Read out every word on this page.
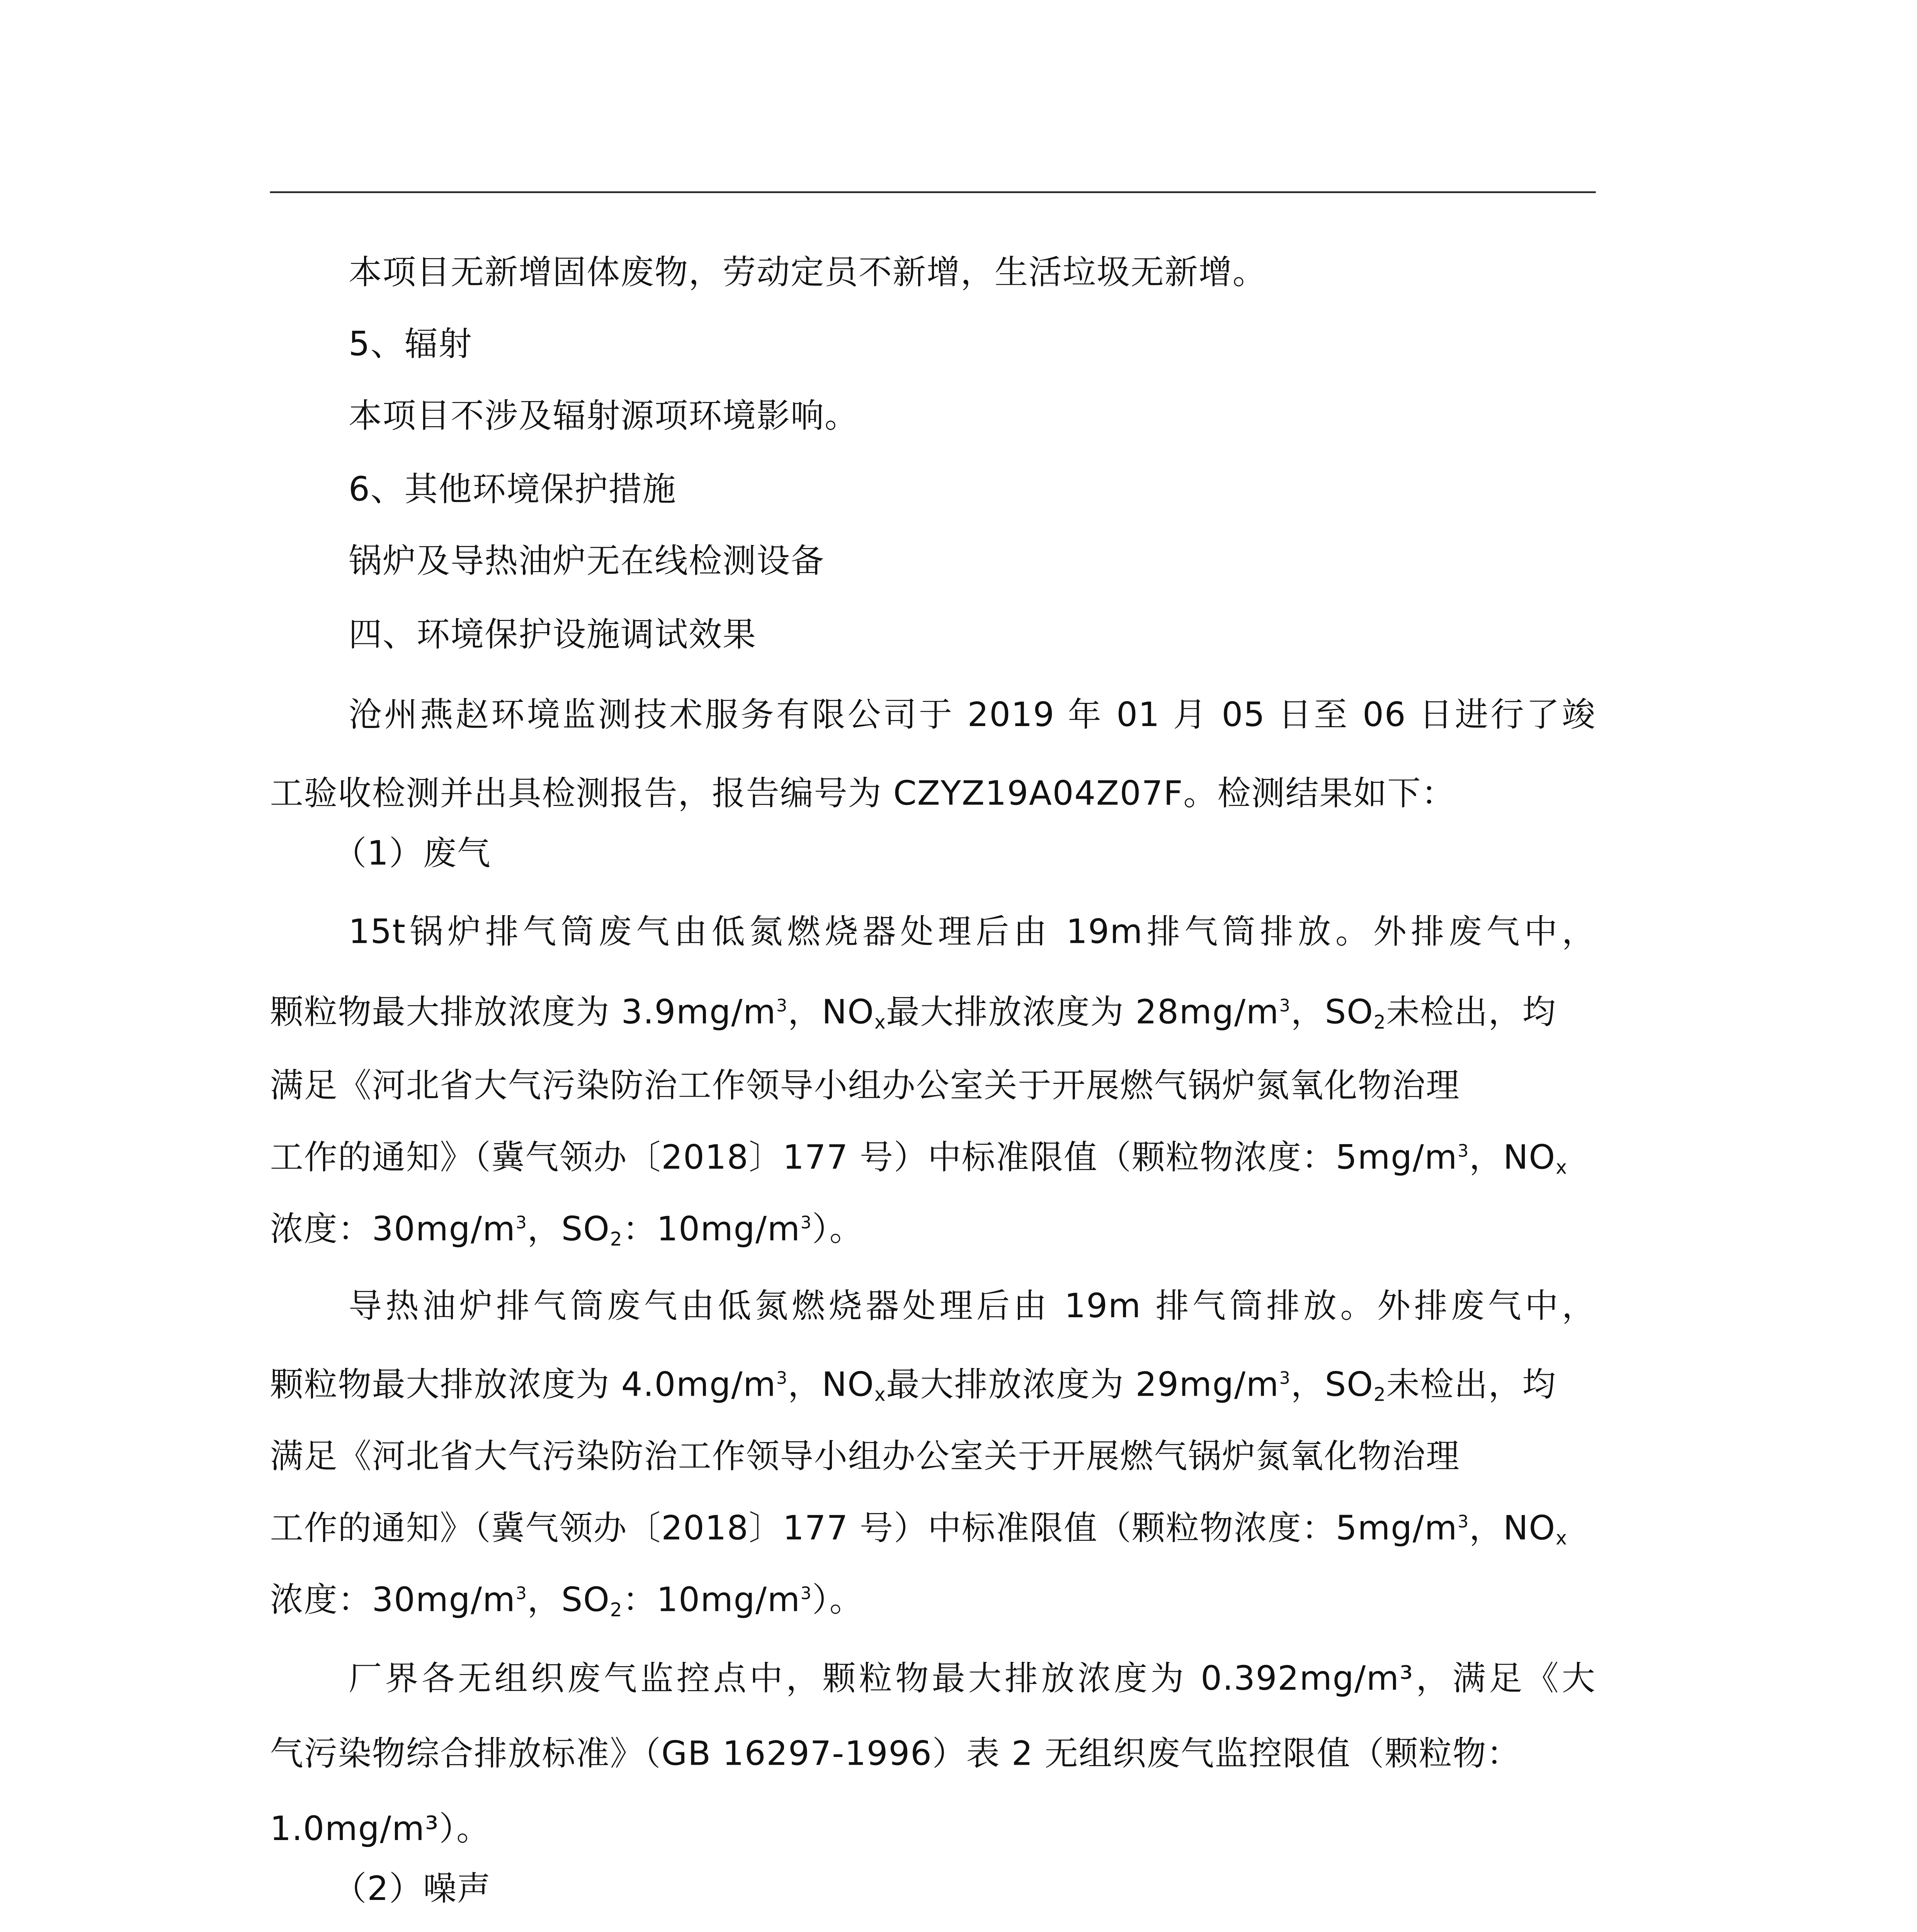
本项目无新增固体废物，劳动定员不新增，生活垃圾无新增。
5、辐射
本项目不涉及辐射源项环境影响。
6、其他环境保护措施
锅炉及导热油炉无在线检测设备
四、环境保护设施调试效果
沧州燕赵环境监测技术服务有限公司于 2019 年 01 月 05 日至 06 日进行了竣
工验收检测并出具检测报告，报告编号为 CZYZ19A04Z07F。检测结果如下：
（1）废气
15t锅炉排气筒废气由低氮燃烧器处理后由 19m排气筒排放。外排废气中，
颗粒物最大排放浓度为 $3.9mg/m^3$，$NO_x$最大排放浓度为 $28mg/m^3$，$SO_2$未检出，均
满足《河北省大气污染防治工作领导小组办公室关于开展燃气锅炉氮氧化物治理
工作的通知》（冀气领办〔2018〕177 号）中标准限值（颗粒物浓度：$5mg/m^3$，$NO_x$
浓度：$30mg/m^3$，$SO_2$：$10mg/m^3$）。
导热油炉排气筒废气由低氮燃烧器处理后由 19m 排气筒排放。外排废气中，
颗粒物最大排放浓度为 $4.0mg/m^3$，$NO_x$最大排放浓度为 $29mg/m^3$，$SO_2$未检出，均
满足《河北省大气污染防治工作领导小组办公室关于开展燃气锅炉氮氧化物治理
工作的通知》（冀气领办〔2018〕177 号）中标准限值（颗粒物浓度：$5mg/m^3$，$NO_x$
浓度：$30mg/m^3$，$SO_2$：$10mg/m^3$）。
厂界各无组织废气监控点中，颗粒物最大排放浓度为 0.392mg/m³，满足《大
气污染物综合排放标准》（GB 16297-1996）表 2 无组织废气监控限值（颗粒物：
1.0mg/m³）。
（2）噪声
